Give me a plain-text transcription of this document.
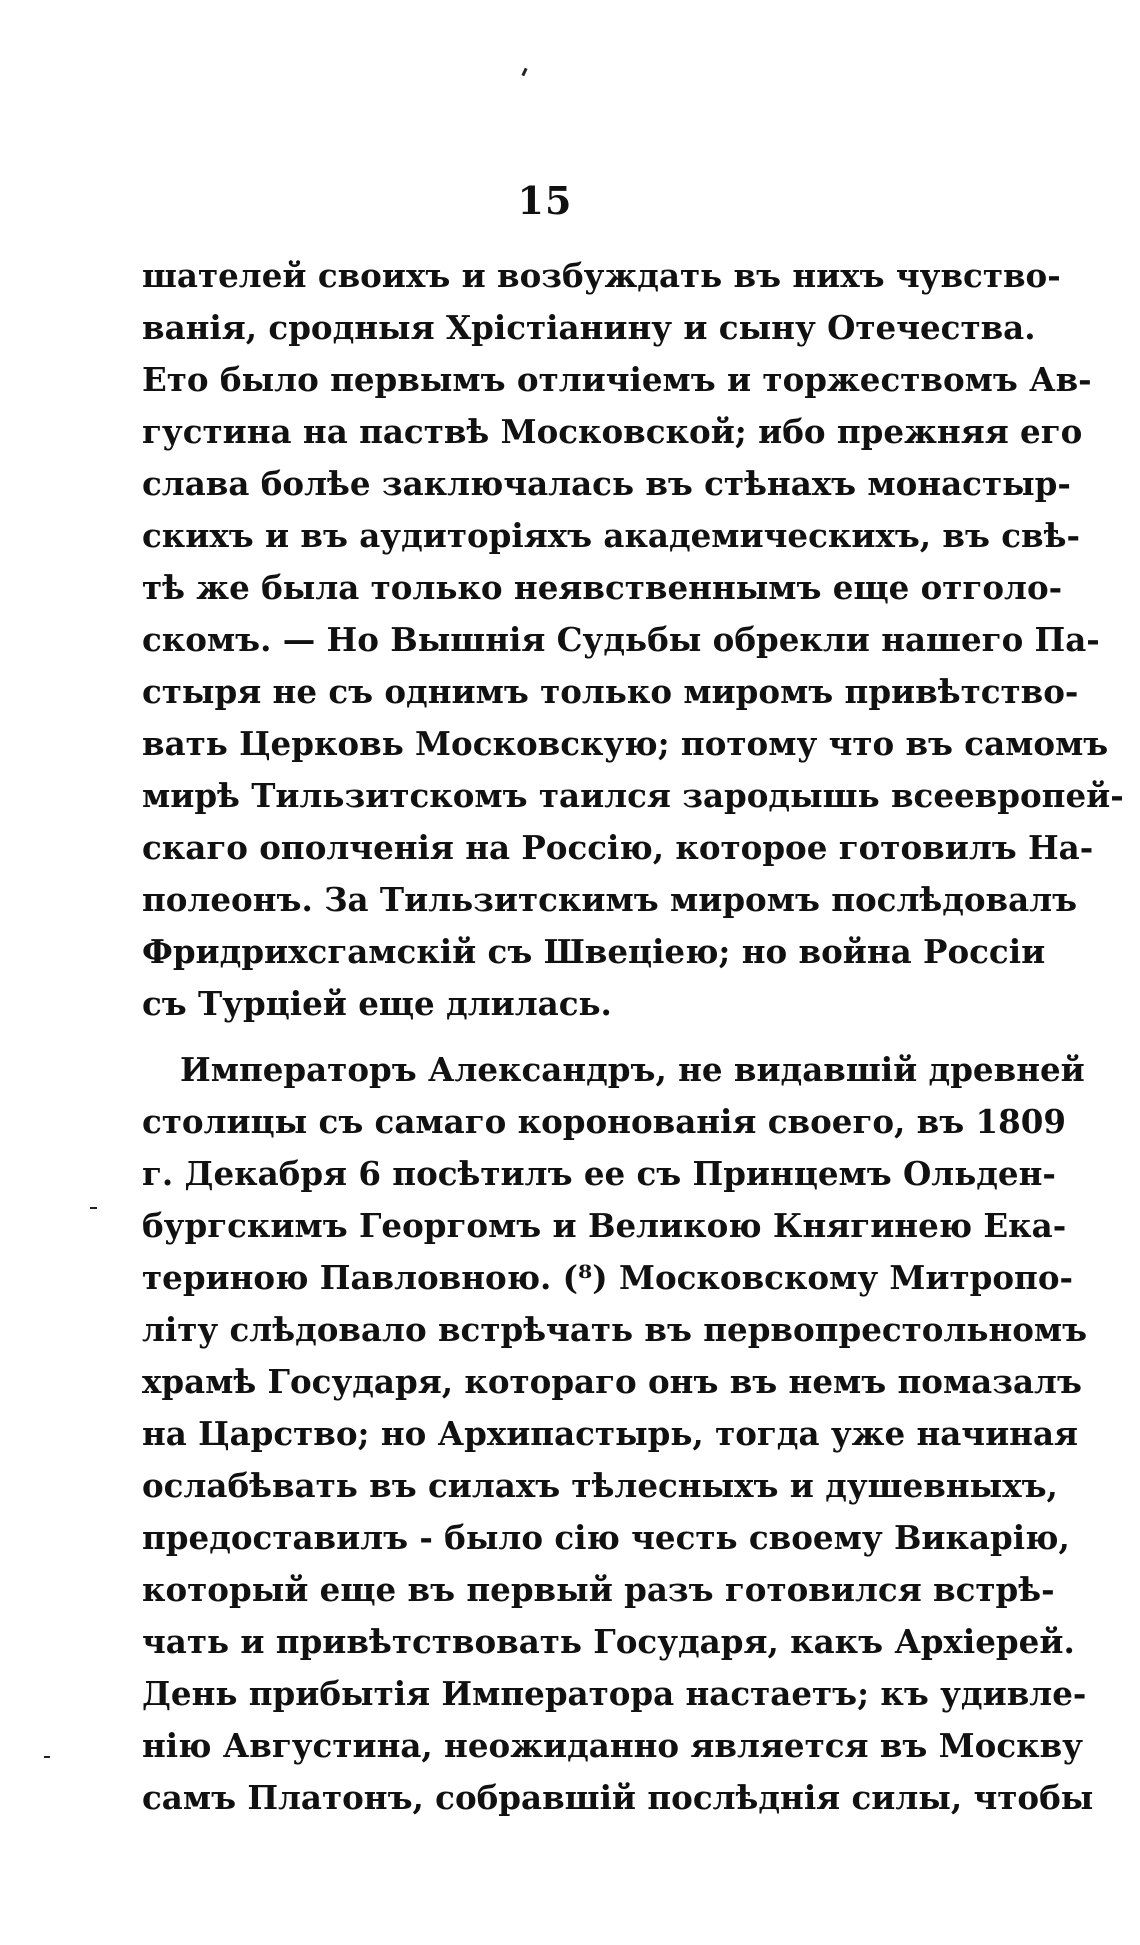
15
шателей своихъ и возбуждать въ нихъ чувство-
ванія, сродныя Хрістіанину и сыну Отечества.
Ето было первымъ отличіемъ и торжествомъ Ав-
густина на паствѣ Московской; ибо прежняя его
слава болѣе заключалась въ стѣнахъ монастыр-
скихъ и въ аудиторіяхъ академическихъ, въ свѣ-
тѣ же была только неявственнымъ еще отголо-
скомъ. — Но Вышнія Судьбы обрекли нашего Па-
стыря не съ однимъ только миромъ привѣтство-
вать Церковь Московскую; потому что въ самомъ
мирѣ Тильзитскомъ таился зародышь всеевропей-
скаго ополченія на Россію, которое готовилъ На-
полеонъ. За Тильзитскимъ миромъ послѣдовалъ
Фридрихсгамскій съ Швеціею; но война Россіи
съ Турціей еще длилась.
Императоръ Александръ, не видавшій древней
столицы съ самаго коронованія своего, въ 1809
г. Декабря 6 посѣтилъ ее съ Принцемъ Ольден-
бургскимъ Георгомъ и Великою Княгинею Ека-
териною Павловною. (⁸) Московскому Митропо-
літу слѣдовало встрѣчать въ первопрестольномъ
храмѣ Государя, котораго онъ въ немъ помазалъ
на Царство; но Архипастырь, тогда уже начиная
ослабѣвать въ силахъ тѣлесныхъ и душевныхъ,
предоставилъ - было сію честь своему Викарію,
который еще въ первый разъ готовился встрѣ-
чать и привѣтствовать Государя, какъ Архіерей.
День прибытія Императора настаетъ; къ удивле-
нію Августина, неожиданно является въ Москву
самъ Платонъ, собравшій послѣднія силы, чтобы
